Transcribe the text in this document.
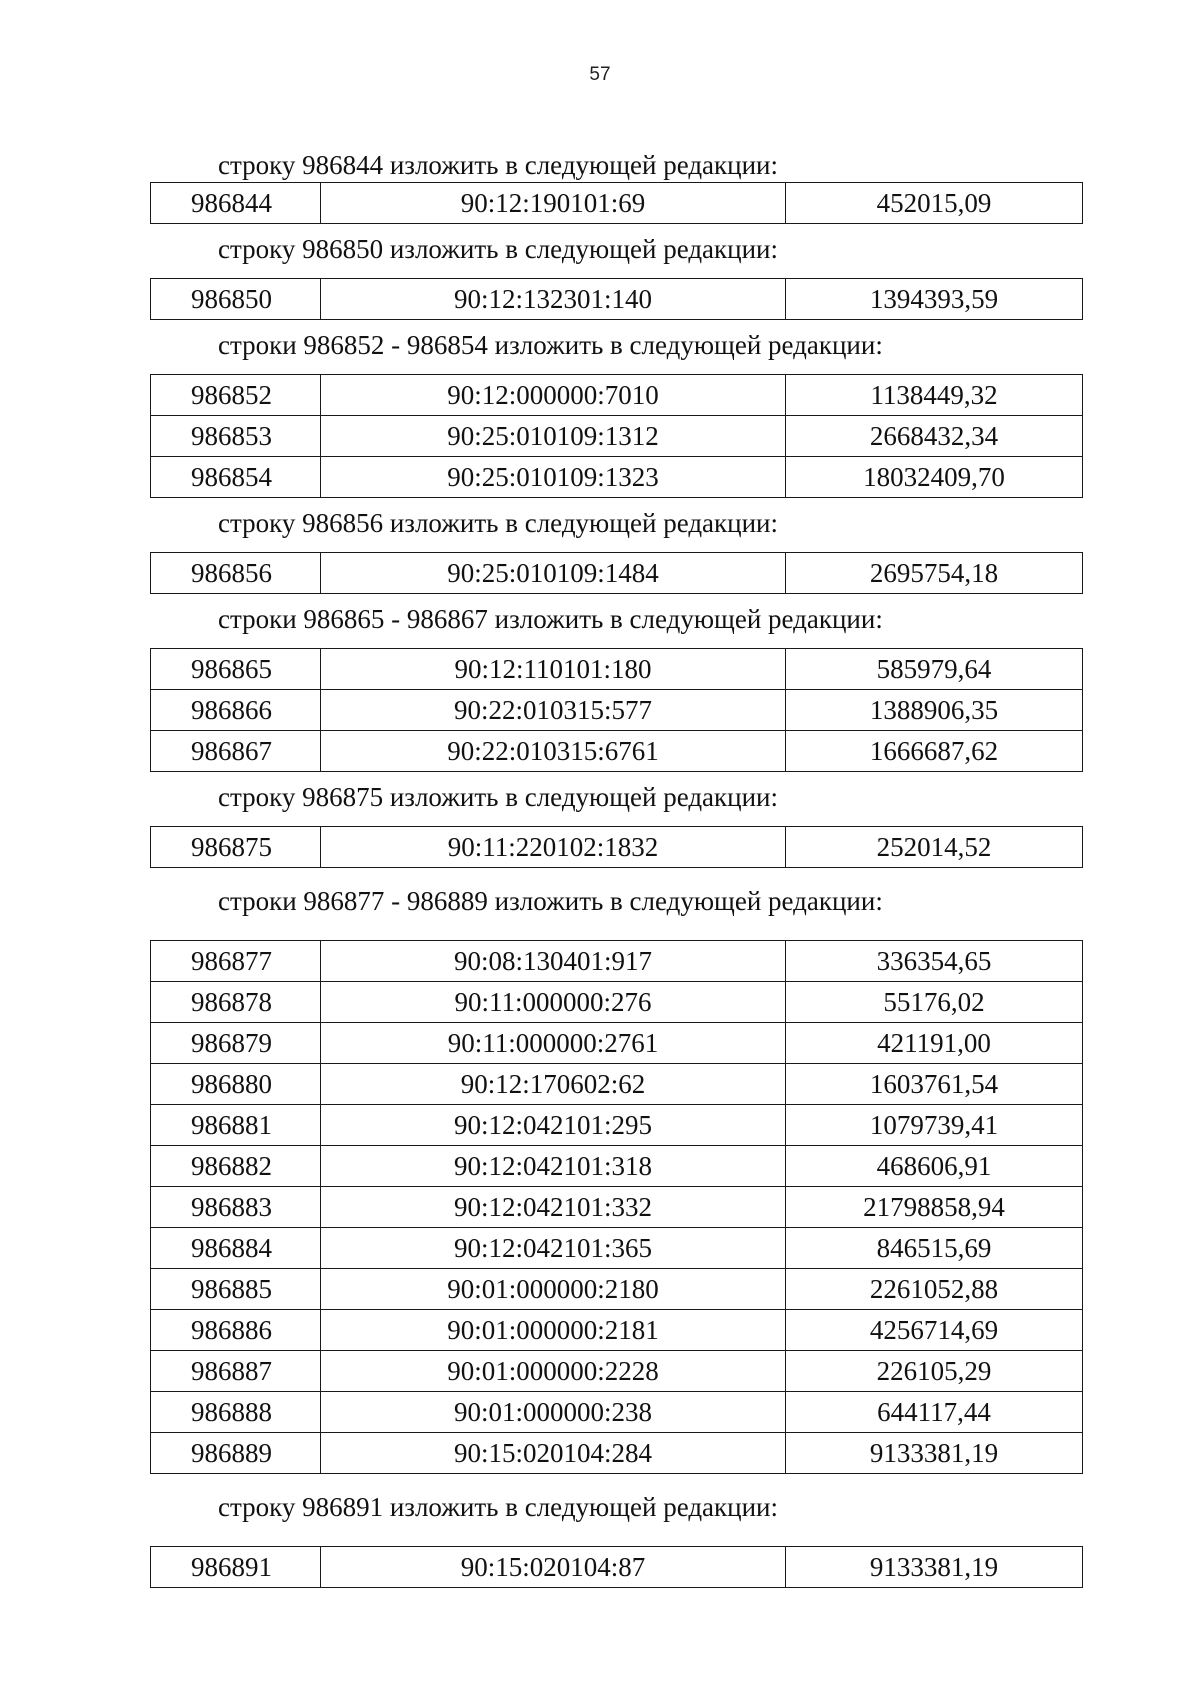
57
строку 986844 изложить в следующей редакции:
986844	90:12:190101:69	452015,09
строку 986850 изложить в следующей редакции:
986850	90:12:132301:140	1394393,59
строки 986852 - 986854 изложить в следующей редакции:
986852	90:12:000000:7010	1138449,32
986853	90:25:010109:1312	2668432,34
986854	90:25:010109:1323	18032409,70
строку 986856 изложить в следующей редакции:
986856	90:25:010109:1484	2695754,18
строки 986865 - 986867 изложить в следующей редакции:
986865	90:12:110101:180	585979,64
986866	90:22:010315:577	1388906,35
986867	90:22:010315:6761	1666687,62
строку 986875 изложить в следующей редакции:
986875	90:11:220102:1832	252014,52
строки 986877 - 986889 изложить в следующей редакции:
986877	90:08:130401:917	336354,65
986878	90:11:000000:276	55176,02
986879	90:11:000000:2761	421191,00
986880	90:12:170602:62	1603761,54
986881	90:12:042101:295	1079739,41
986882	90:12:042101:318	468606,91
986883	90:12:042101:332	21798858,94
986884	90:12:042101:365	846515,69
986885	90:01:000000:2180	2261052,88
986886	90:01:000000:2181	4256714,69
986887	90:01:000000:2228	226105,29
986888	90:01:000000:238	644117,44
986889	90:15:020104:284	9133381,19
строку 986891 изложить в следующей редакции:
986891	90:15:020104:87	9133381,19
